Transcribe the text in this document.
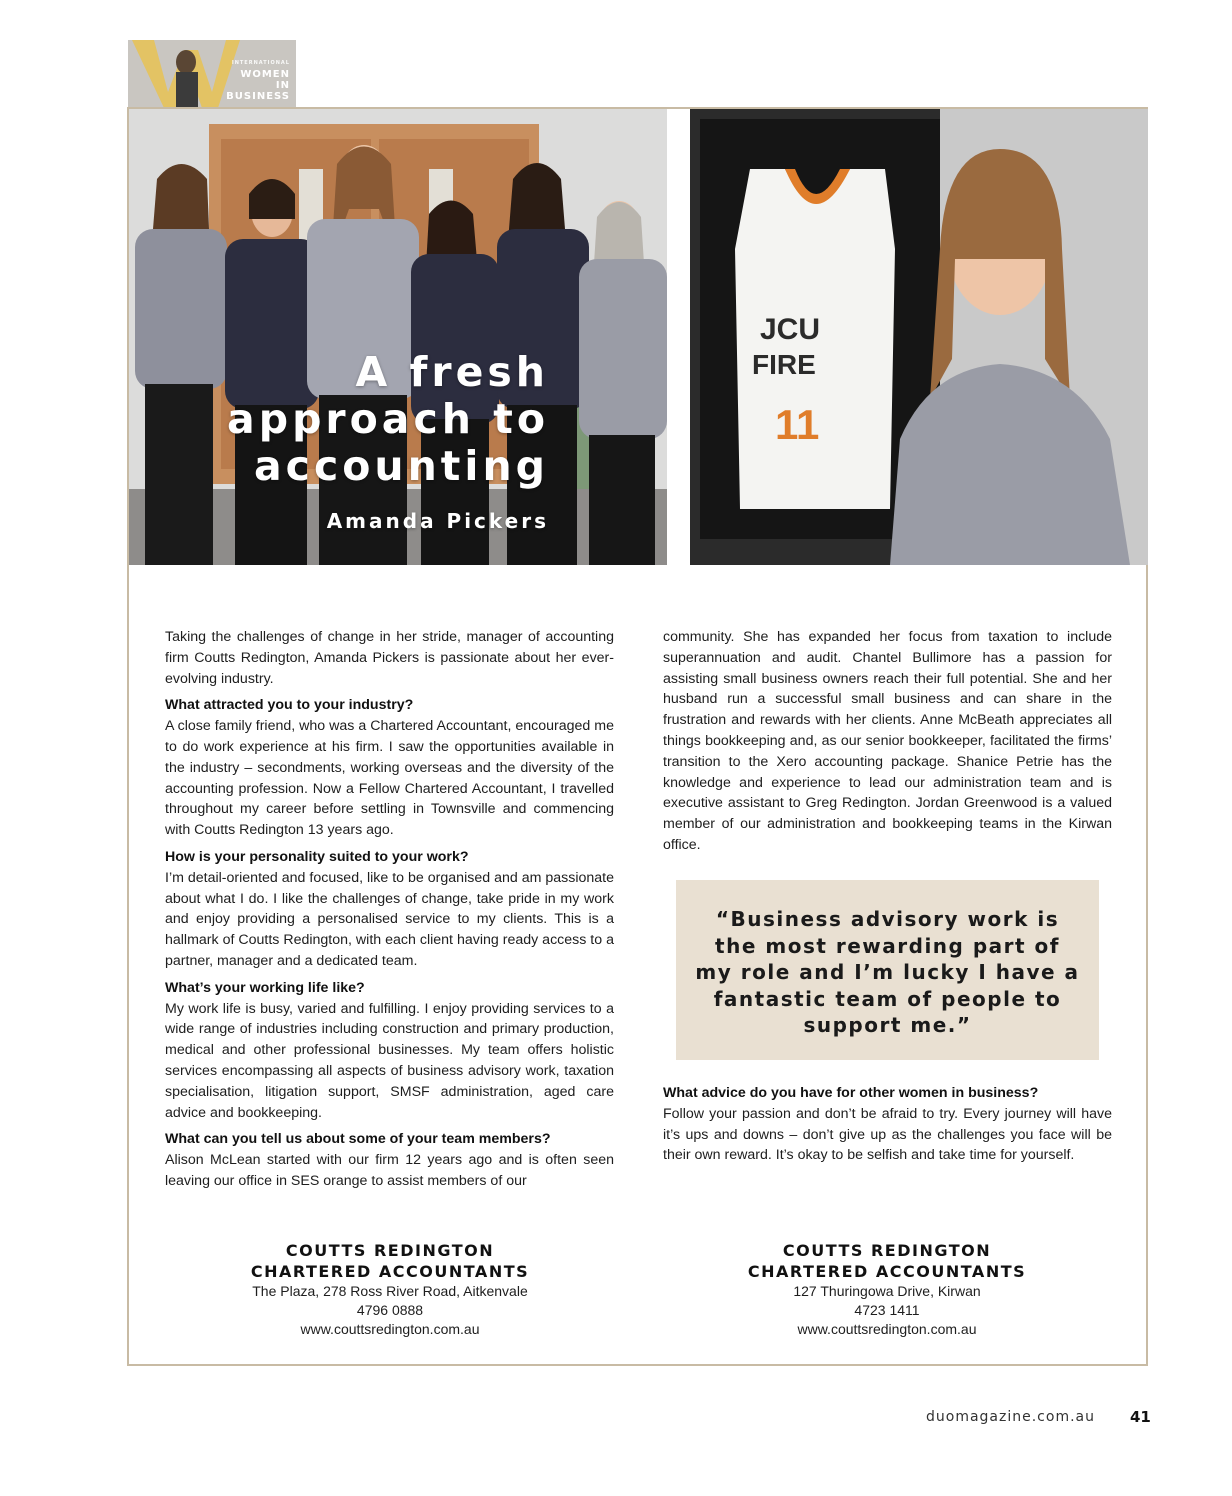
INTERNATIONAL
WOMEN
IN
BUSINESS
A fresh
approach to
accounting
Amanda Pickers
JCU
FIRE
11

Taking the challenges of change in her stride, manager of accounting firm Coutts Redington, Amanda Pickers is passionate about her ever-evolving industry.

What attracted you to your industry?

A close family friend, who was a Chartered Accountant, encouraged me to do work experience at his firm. I saw the opportunities available in the industry – secondments, working overseas and the diversity of the accounting profession. Now a Fellow Chartered Accountant, I travelled throughout my career before settling in Townsville and commencing with Coutts Redington 13 years ago.

How is your personality suited to your work?

I’m detail-oriented and focused, like to be organised and am passionate about what I do. I like the challenges of change, take pride in my work and enjoy providing a personalised service to my clients. This is a hallmark of Coutts Redington, with each client having ready access to a partner, manager and a dedicated team.

What’s your working life like?

My work life is busy, varied and fulfilling. I enjoy providing services to a wide range of industries including construction and primary production, medical and other professional businesses. My team offers holistic services encompassing all aspects of business advisory work, taxation specialisation, litigation support, SMSF administration, aged care advice and bookkeeping.

What can you tell us about some of your team members?

Alison McLean started with our firm 12 years ago and is often seen leaving our office in SES orange to assist members of our

community. She has expanded her focus from taxation to include superannuation and audit. Chantel Bullimore has a passion for assisting small business owners reach their full potential. She and her husband run a successful small business and can share in the frustration and rewards with her clients. Anne McBeath appreciates all things bookkeeping and, as our senior bookkeeper, facilitated the firms’ transition to the Xero accounting package. Shanice Petrie has the knowledge and experience to lead our administration team and is executive assistant to Greg Redington. Jordan Greenwood is a valued member of our administration and bookkeeping teams in the Kirwan office.

“Business advisory work is the most rewarding part of my role and I’m lucky I have a fantastic team of people to support me.”
What advice do you have for other women in business?

Follow your passion and don’t be afraid to try. Every journey will have it’s ups and downs – don’t give up as the challenges you face will be their own reward. It’s okay to be selfish and take time for yourself.

COUTTS REDINGTON
CHARTERED ACCOUNTANTS
The Plaza, 278 Ross River Road, Aitkenvale
4796 0888
www.couttsredington.com.au
COUTTS REDINGTON
CHARTERED ACCOUNTANTS
127 Thuringowa Drive, Kirwan
4723 1411
www.couttsredington.com.au
duomagazine.com.au 41
